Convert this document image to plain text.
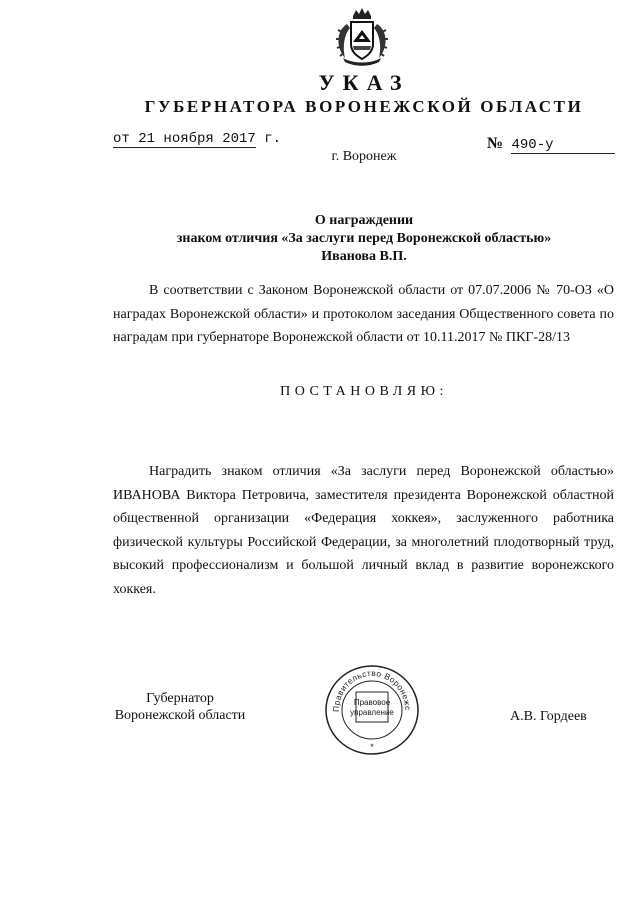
УКАЗ
ГУБЕРНАТОРА ВОРОНЕЖСКОЙ ОБЛАСТИ
от 21 ноября 2017 г.	№ 490-у
г. Воронеж
О награждении
знаком отличия «За заслуги перед Воронежской областью»
Иванова В.П.
В соответствии с Законом Воронежской области от 07.07.2006 № 70-ОЗ «О наградах Воронежской области» и протоколом заседания Общественного совета по наградам при губернаторе Воронежской области от 10.11.2017 № ПКГ-28/13
ПОСТАНОВЛЯЮ:
Наградить знаком отличия «За заслуги перед Воронежской областью» ИВАНОВА Виктора Петровича, заместителя президента Воронежской областной общественной организации «Федерация хоккея», заслуженного работника физической культуры Российской Федерации, за многолетний плодотворный труд, высокий профессионализм и большой личный вклад в развитие воронежского хоккея.
Губернатор
Воронежской области	Правительство Воронежс
Правовое
управление
*
А.В. Гордеев
